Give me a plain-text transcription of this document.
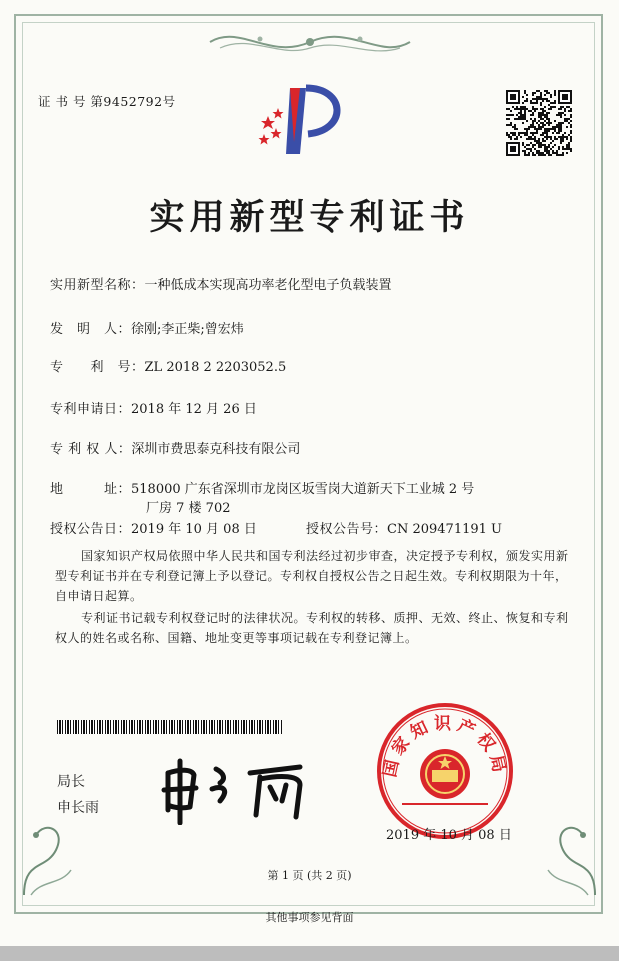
证 书 号 第9452792号
实用新型专利证书
实用新型名称：一种低成本实现高功率老化型电子负载装置
发　明　人：徐刚;李正柴;曾宏炜
专　　利　号：ZL 2018 2 2203052.5
专利申请日：2018 年 12 月 26 日
专 利 权 人：深圳市费思泰克科技有限公司
地　　　址：518000 广东省深圳市龙岗区坂雪岗大道新天下工业城 2 号
厂房 7 楼 702
授权公告日：2019 年 10 月 08 日	授权公告号：CN 209471191 U
国家知识产权局依照中华人民共和国专利法经过初步审查，决定授予专利权，颁发实用新型专利证书并在专利登记簿上予以登记。专利权自授权公告之日起生效。专利权期限为十年，自申请日起算。
专利证书记载专利权登记时的法律状况。专利权的转移、质押、无效、终止、恢复和专利权人的姓名或名称、国籍、地址变更等事项记载在专利登记簿上。
局长
申长雨
国家知识产权局
2019 年 10 月 08 日
第 1 页 (共 2 页)
其他事项参见背面
